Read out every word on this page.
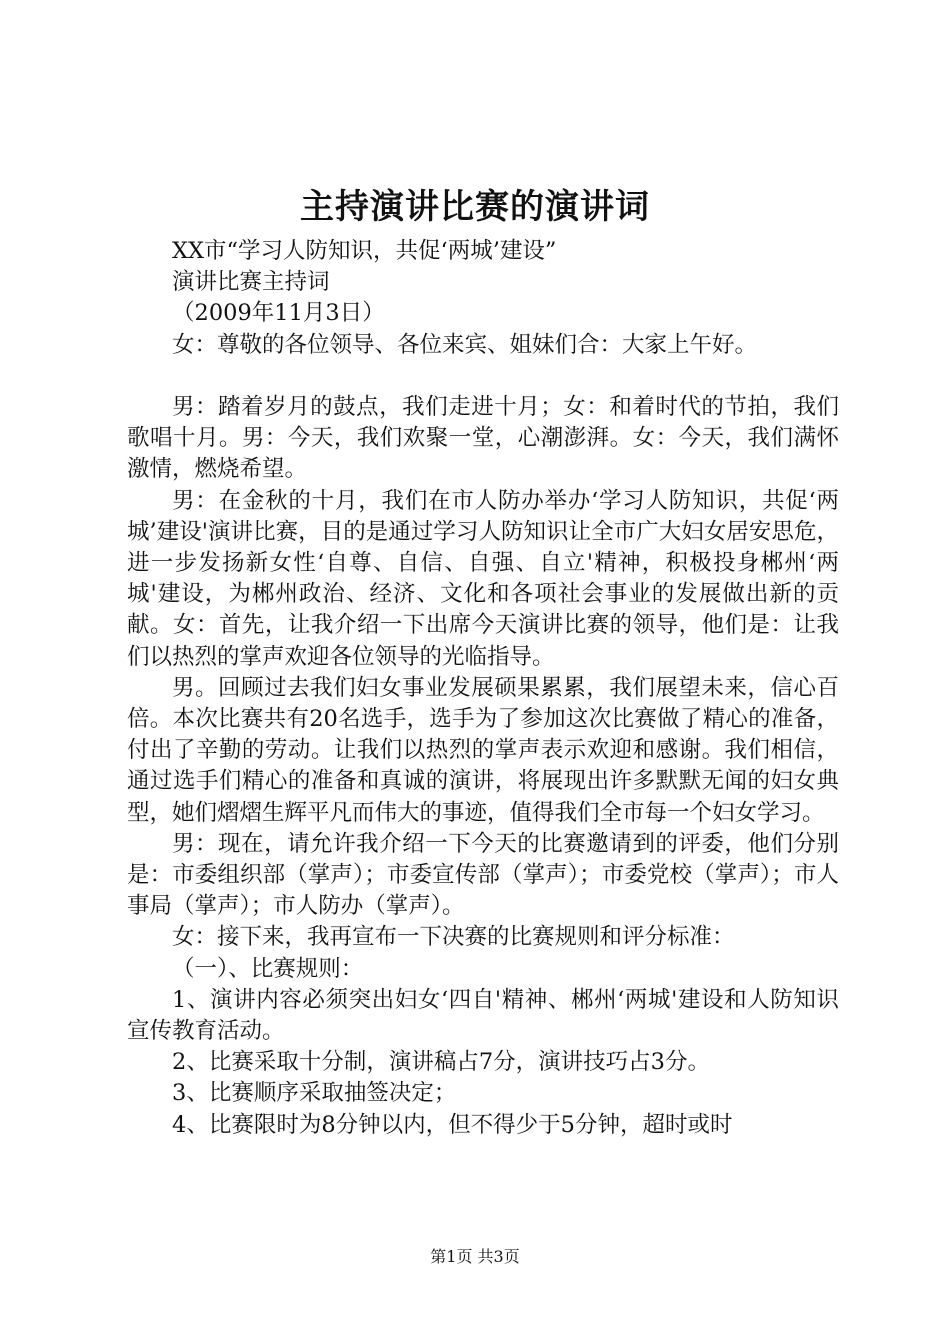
主持演讲比赛的演讲词

XX市“学习人防知识，共促‘两城’建设”

演讲比赛主持词

（2009年11月3日）

女：尊敬的各位领导、各位来宾、姐妹们合：大家上午好。

男：踏着岁月的鼓点，我们走进十月；女：和着时代的节拍，我们歌唱十月。男：今天，我们欢聚一堂，心潮澎湃。女：今天，我们满怀激情，燃烧希望。

男：在金秋的十月，我们在市人防办举办‘学习人防知识，共促‘两城’建设'演讲比赛，目的是通过学习人防知识让全市广大妇女居安思危，进一步发扬新女性‘自尊、自信、自强、自立'精神，积极投身郴州‘两城'建设，为郴州政治、经济、文化和各项社会事业的发展做出新的贡献。女：首先，让我介绍一下出席今天演讲比赛的领导，他们是：让我们以热烈的掌声欢迎各位领导的光临指导。

男。回顾过去我们妇女事业发展硕果累累，我们展望未来，信心百倍。本次比赛共有20名选手，选手为了参加这次比赛做了精心的准备，付出了辛勤的劳动。让我们以热烈的掌声表示欢迎和感谢。我们相信，通过选手们精心的准备和真诚的演讲，将展现出许多默默无闻的妇女典型，她们熠熠生辉平凡而伟大的事迹，值得我们全市每一个妇女学习。

男：现在，请允许我介绍一下今天的比赛邀请到的评委，他们分别是：市委组织部（掌声）；市委宣传部（掌声）；市委党校（掌声）；市人事局（掌声）；市人防办（掌声）。

女：接下来，我再宣布一下决赛的比赛规则和评分标准：

（一）、比赛规则：

1、演讲内容必须突出妇女‘四自'精神、郴州‘两城'建设和人防知识宣传教育活动。

2、比赛采取十分制，演讲稿占7分，演讲技巧占3分。

3、比赛顺序采取抽签决定；

4、比赛限时为8分钟以内，但不得少于5分钟，超时或时

第1页 共3页
